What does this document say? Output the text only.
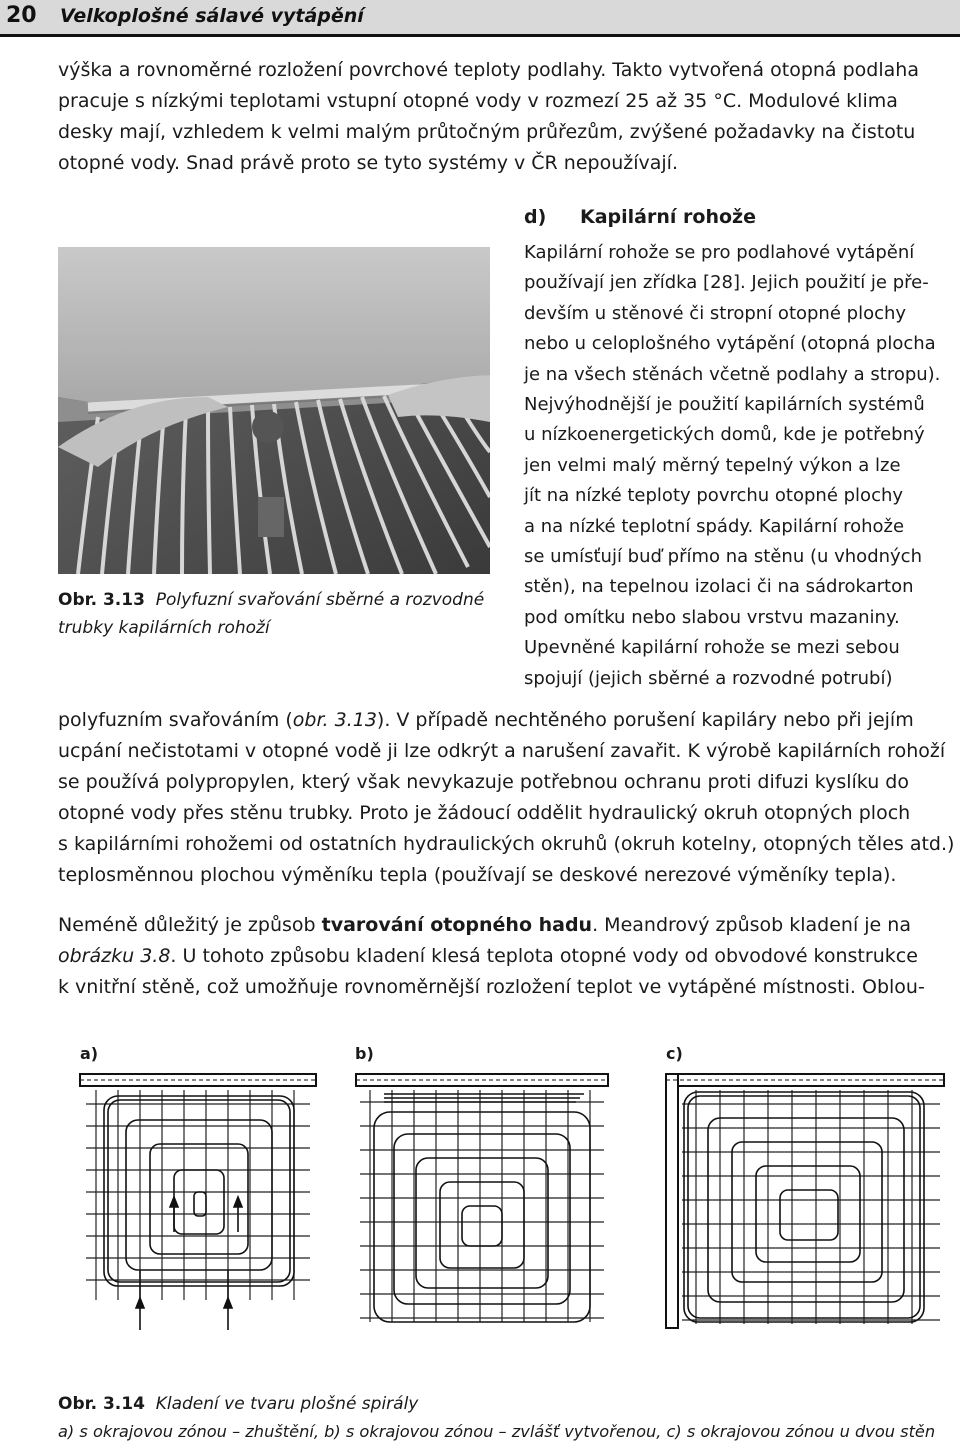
20 Velkoplošné sálavé vytápění
výška a rovnoměrné rozložení povrchové teploty podlahy. Takto vytvořená otopná podlaha
pracuje s nízkými teplotami vstupní otopné vody v rozmezí 25 až 35 °C. Modulové klima
desky mají, vzhledem k velmi malým průtočným průřezům, zvýšené požadavky na čistotu
otopné vody. Snad právě proto se tyto systémy v ČR nepoužívají.
d) Kapilární rohože
Kapilární rohože se pro podlahové vytápění
používají jen zřídka [28]. Jejich použití je pře-
devším u stěnové či stropní otopné plochy
nebo u celoplošného vytápění (otopná plocha
je na všech stěnách včetně podlahy a stropu).
Nejvýhodnější je použití kapilárních systémů
u nízkoenergetických domů, kde je potřebný
jen velmi malý měrný tepelný výkon a lze
jít na nízké teploty povrchu otopné plochy
a na nízké teplotní spády. Kapilární rohože
se umísťují buď přímo na stěnu (u vhodných
stěn), na tepelnou izolaci či na sádrokarton
pod omítku nebo slabou vrstvu mazaniny.
Upevněné kapilární rohože se mezi sebou
spojují (jejich sběrné a rozvodné potrubí)
Obr. 3.13 Polyfuzní svařování sběrné a rozvodné
trubky kapilárních rohoží
polyfuzním svařováním (obr. 3.13). V případě nechtěného porušení kapiláry nebo při jejím
ucpání nečistotami v otopné vodě ji lze odkrýt a narušení zavařit. K výrobě kapilárních rohoží
se používá polypropylen, který však nevykazuje potřebnou ochranu proti difuzi kyslíku do
otopné vody přes stěnu trubky. Proto je žádoucí oddělit hydraulický okruh otopných ploch
s kapilárními rohožemi od ostatních hydraulických okruhů (okruh kotelny, otopných těles atd.)
teplosměnnou plochou výměníku tepla (používají se deskové nerezové výměníky tepla).
Neméně důležitý je způsob tvarování otopného hadu. Meandrový způsob kladení je na
obrázku 3.8. U tohoto způsobu kladení klesá teplota otopné vody od obvodové konstrukce
k vnitřní stěně, což umožňuje rovnoměrnější rozložení teplot ve vytápěné místnosti. Oblou-
a)	b)	c)
Obr. 3.14 Kladení ve tvaru plošné spirály
a) s okrajovou zónou – zhuštění, b) s okrajovou zónou – zvlášť vytvořenou, c) s okrajovou zónou u dvou stěn
